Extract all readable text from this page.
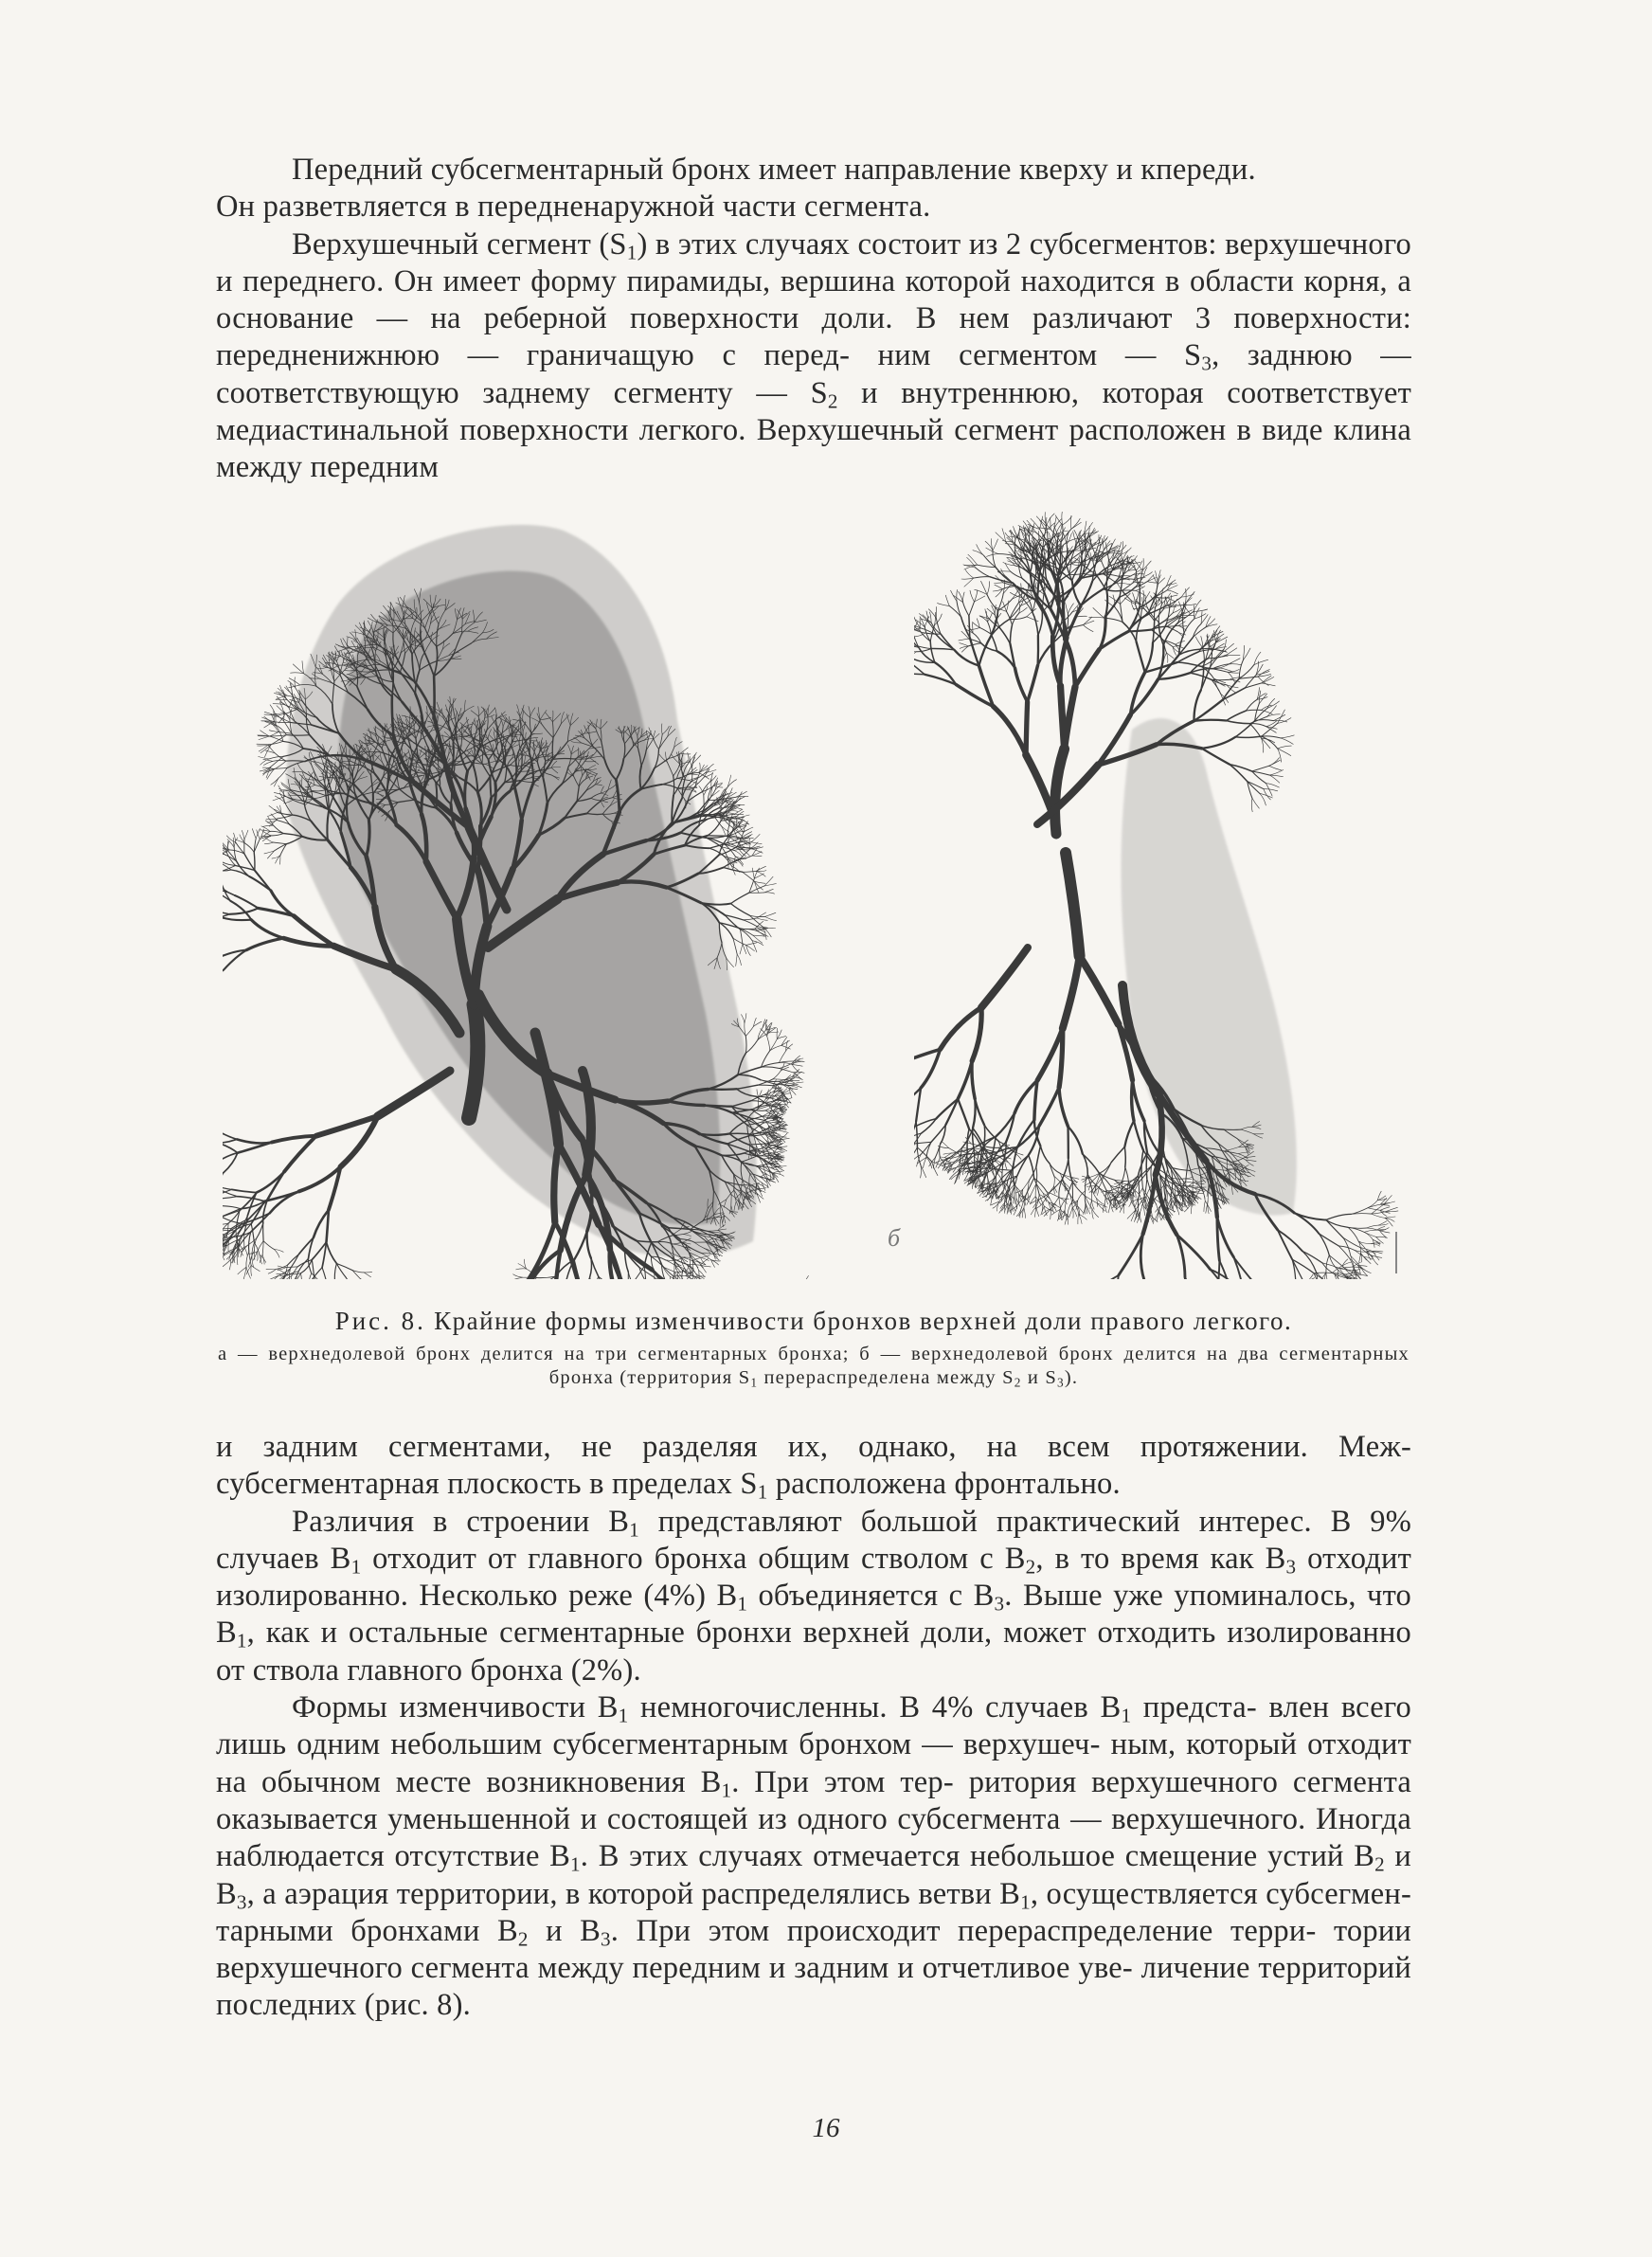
Передний субсегментарный бронх имеет направление кверху и кпереди.
Он разветвляется в передненаружной части сегмента.

Верхушечный сегмент $(S_1)$ в этих случаях состоит из 2 субсегментов: верхушечного и переднего. Он имеет форму пирамиды, вершина которой находится в области корня, а основание — на реберной поверхности доли. В нем различают 3 поверхности: передненижнюю — граничащую с перед- ним сегментом — $S_3$, заднюю — соответствующую заднему сегменту — $S_2$ и внутреннюю, которая соответствует медиастинальной поверхности легкого. Верхушечный сегмент расположен в виде клина между передним

б

Рис. 8. Крайние формы изменчивости бронхов верхней доли правого легкого.

а — верхнедолевой бронх делится на три сегментарных бронха; б — верхнедолевой бронх делится на два сегментарных бронха (территория $S_1$ перераспределена между $S_2$ и $S_3$).

и задним сегментами, не разделяя их, однако, на всем протяжении. Меж- субсегментарная плоскость в пределах $S_1$ расположена фронтально.

Различия в строении $B_1$ представляют большой практический интерес. В 9% случаев $B_1$ отходит от главного бронха общим стволом с $B_2$, в то время как $B_3$ отходит изолированно. Несколько реже (4%) $B_1$ объединяется с $B_3$. Выше уже упоминалось, что $B_1$, как и остальные сегментарные бронхи верхней доли, может отходить изолированно от ствола главного бронха (2%).

Формы изменчивости $B_1$ немногочисленны. В 4% случаев $B_1$ предста- влен всего лишь одним небольшим субсегментарным бронхом — верхушеч- ным, который отходит на обычном месте возникновения $B_1$. При этом тер- ритория верхушечного сегмента оказывается уменьшенной и состоящей из одного субсегмента — верхушечного. Иногда наблюдается отсутствие $B_1$. В этих случаях отмечается небольшое смещение устий $B_2$ и $B_3$, а аэрация территории, в которой распределялись ветви $B_1$, осуществляется субсегмен- тарными бронхами $B_2$ и $B_3$. При этом происходит перераспределение терри- тории верхушечного сегмента между передним и задним и отчетливое уве- личение территорий последних (рис. 8).

16
